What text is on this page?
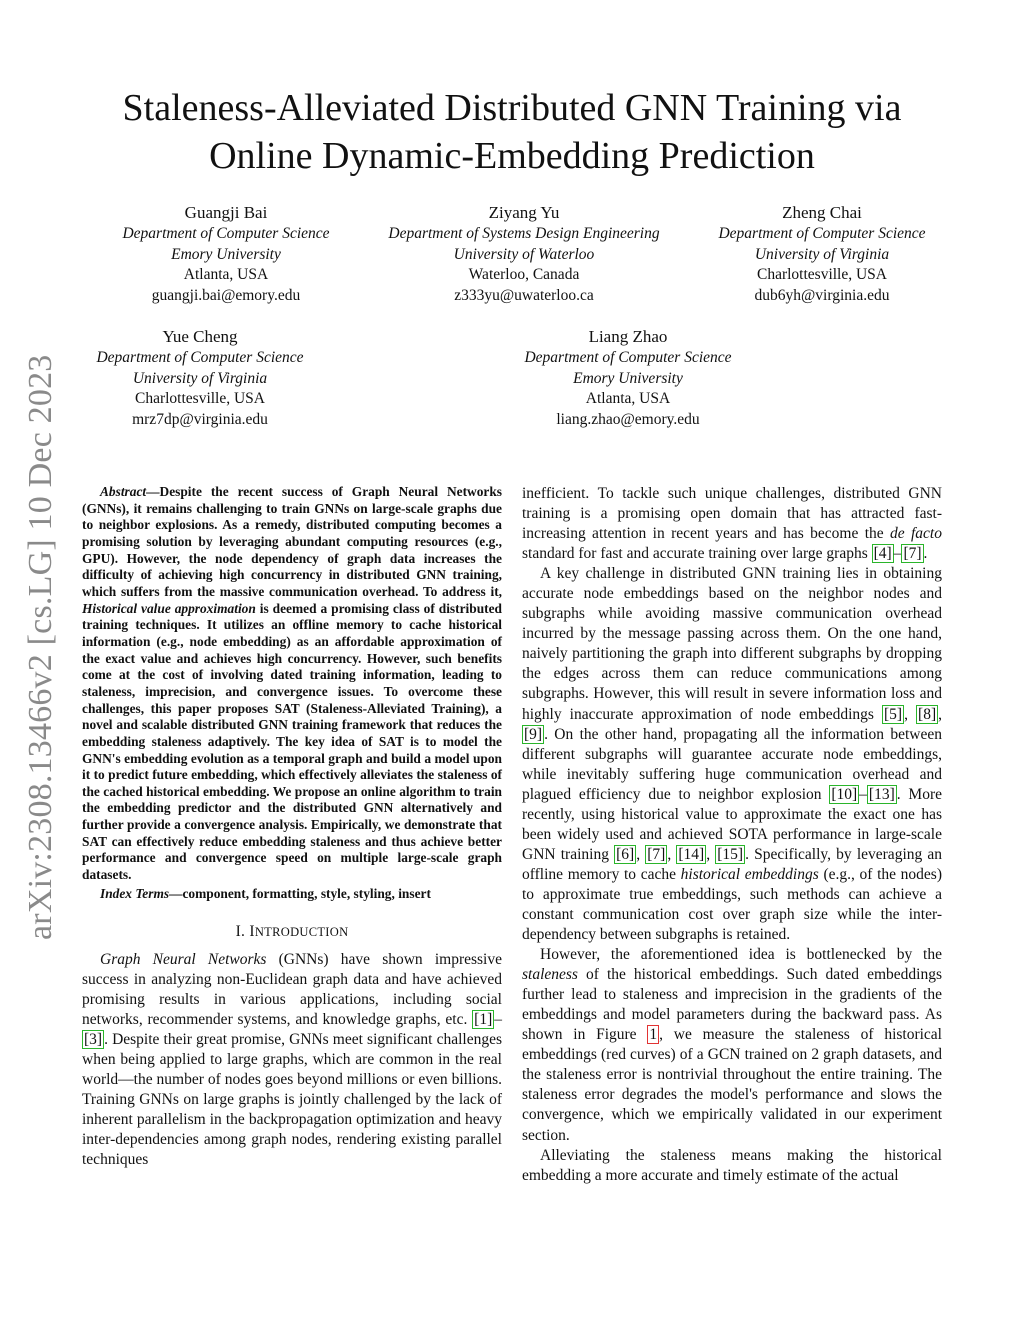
arXiv:2308.13466v2 [cs.LG] 10 Dec 2023
Staleness-Alleviated Distributed GNN Training via
Online Dynamic-Embedding Prediction
Guangji Bai
Department of Computer Science
Emory University
Atlanta, USA
guangji.bai@emory.edu
Ziyang Yu
Department of Systems Design Engineering
University of Waterloo
Waterloo, Canada
z333yu@uwaterloo.ca
Zheng Chai
Department of Computer Science
University of Virginia
Charlottesville, USA
dub6yh@virginia.edu
Yue Cheng
Department of Computer Science
University of Virginia
Charlottesville, USA
mrz7dp@virginia.edu
Liang Zhao
Department of Computer Science
Emory University
Atlanta, USA
liang.zhao@emory.edu
Abstract—Despite the recent success of Graph Neural Networks (GNNs), it remains challenging to train GNNs on large-scale graphs due to neighbor explosions. As a remedy, distributed computing becomes a promising solution by leveraging abundant computing resources (e.g., GPU). However, the node dependency of graph data increases the difficulty of achieving high concurrency in distributed GNN training, which suffers from the massive communication overhead. To address it, Historical value approximation is deemed a promising class of distributed training techniques. It utilizes an offline memory to cache historical information (e.g., node embedding) as an affordable approximation of the exact value and achieves high concurrency. However, such benefits come at the cost of involving dated training information, leading to staleness, imprecision, and convergence issues. To overcome these challenges, this paper proposes SAT (Staleness-Alleviated Training), a novel and scalable distributed GNN training framework that reduces the embedding staleness adaptively. The key idea of SAT is to model the GNN's embedding evolution as a temporal graph and build a model upon it to predict future embedding, which effectively alleviates the staleness of the cached historical embedding. We propose an online algorithm to train the embedding predictor and the distributed GNN alternatively and further provide a convergence analysis. Empirically, we demonstrate that SAT can effectively reduce embedding staleness and thus achieve better performance and convergence speed on multiple large-scale graph datasets.
Index Terms—component, formatting, style, styling, insert
I. INTRODUCTION

Graph Neural Networks (GNNs) have shown impressive success in analyzing non-Euclidean graph data and have achieved promising results in various applications, including social networks, recommender systems, and knowledge graphs, etc. [1] –[3] . Despite their great promise, GNNs meet significant challenges when being applied to large graphs, which are common in the real world—the number of nodes goes beyond millions or even billions. Training GNNs on large graphs is jointly challenged by the lack of inherent parallelism in the backpropagation optimization and heavy inter-dependencies among graph nodes, rendering existing parallel techniques

inefficient. To tackle such unique challenges, distributed GNN training is a promising open domain that has attracted fast-increasing attention in recent years and has become the de facto standard for fast and accurate training over large graphs [4] – [7] .

A key challenge in distributed GNN training lies in obtaining accurate node embeddings based on the neighbor nodes and subgraphs while avoiding massive communication overhead incurred by the message passing across them. On the one hand, naively partitioning the graph into different subgraphs by dropping the edges across them can reduce communications among subgraphs. However, this will result in severe information loss and highly inaccurate approximation of node embeddings [5] , [8] , [9] . On the other hand, propagating all the information between different subgraphs will guarantee accurate node embeddings, while inevitably suffering huge communication overhead and plagued efficiency due to neighbor explosion [10] – [13] . More recently, using historical value to approximate the exact one has been widely used and achieved SOTA performance in large-scale GNN training [6] , [7] , [14] , [15] . Specifically, by leveraging an offline memory to cache historical embeddings (e.g., of the nodes) to approximate true embeddings, such methods can achieve a constant communication cost over graph size while the inter-dependency between subgraphs is retained.

However, the aforementioned idea is bottlenecked by the staleness of the historical embeddings. Such dated embeddings further lead to staleness and imprecision in the gradients of the embeddings and model parameters during the backward pass. As shown in Figure 1 , we measure the staleness of historical embeddings (red curves) of a GCN trained on 2 graph datasets, and the staleness error is nontrivial throughout the entire training. The staleness error degrades the model's performance and slows the convergence, which we empirically validated in our experiment section.

Alleviating the staleness means making the historical embedding a more accurate and timely estimate of the actual
